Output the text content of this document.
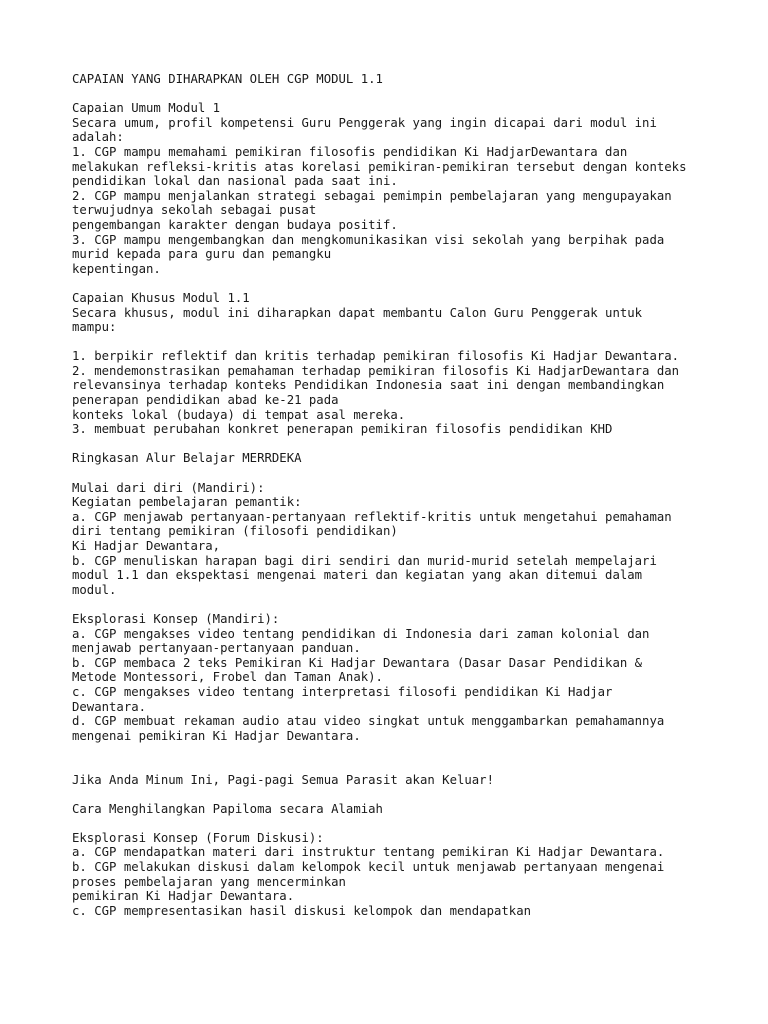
CAPAIAN YANG DIHARAPKAN OLEH CGP MODUL 1.1
Capaian Umum Modul 1
Secara umum, profil kompetensi Guru Penggerak yang ingin dicapai dari modul ini
adalah:
1. CGP mampu memahami pemikiran filosofis pendidikan Ki HadjarDewantara dan
melakukan refleksi-kritis atas korelasi pemikiran-pemikiran tersebut dengan konteks
pendidikan lokal dan nasional pada saat ini.
2. CGP mampu menjalankan strategi sebagai pemimpin pembelajaran yang mengupayakan
terwujudnya sekolah sebagai pusat
pengembangan karakter dengan budaya positif.
3. CGP mampu mengembangkan dan mengkomunikasikan visi sekolah yang berpihak pada
murid kepada para guru dan pemangku
kepentingan.
Capaian Khusus Modul 1.1
Secara khusus, modul ini diharapkan dapat membantu Calon Guru Penggerak untuk
mampu:
1. berpikir reflektif dan kritis terhadap pemikiran filosofis Ki Hadjar Dewantara.
2. mendemonstrasikan pemahaman terhadap pemikiran filosofis Ki HadjarDewantara dan
relevansinya terhadap konteks Pendidikan Indonesia saat ini dengan membandingkan
penerapan pendidikan abad ke-21 pada
konteks lokal (budaya) di tempat asal mereka.
3. membuat perubahan konkret penerapan pemikiran filosofis pendidikan KHD
Ringkasan Alur Belajar MERRDEKA
Mulai dari diri (Mandiri):
Kegiatan pembelajaran pemantik:
a. CGP menjawab pertanyaan-pertanyaan reflektif-kritis untuk mengetahui pemahaman
diri tentang pemikiran (filosofi pendidikan)
Ki Hadjar Dewantara,
b. CGP menuliskan harapan bagi diri sendiri dan murid-murid setelah mempelajari
modul 1.1 dan ekspektasi mengenai materi dan kegiatan yang akan ditemui dalam
modul.
Eksplorasi Konsep (Mandiri):
a. CGP mengakses video tentang pendidikan di Indonesia dari zaman kolonial dan
menjawab pertanyaan-pertanyaan panduan.
b. CGP membaca 2 teks Pemikiran Ki Hadjar Dewantara (Dasar Dasar Pendidikan &
Metode Montessori, Frobel dan Taman Anak).
c. CGP mengakses video tentang interpretasi filosofi pendidikan Ki Hadjar
Dewantara.
d. CGP membuat rekaman audio atau video singkat untuk menggambarkan pemahamannya
mengenai pemikiran Ki Hadjar Dewantara.
Jika Anda Minum Ini, Pagi-pagi Semua Parasit akan Keluar!
Cara Menghilangkan Papiloma secara Alamiah
Eksplorasi Konsep (Forum Diskusi):
a. CGP mendapatkan materi dari instruktur tentang pemikiran Ki Hadjar Dewantara.
b. CGP melakukan diskusi dalam kelompok kecil untuk menjawab pertanyaan mengenai
proses pembelajaran yang mencerminkan
pemikiran Ki Hadjar Dewantara.
c. CGP mempresentasikan hasil diskusi kelompok dan mendapatkan
